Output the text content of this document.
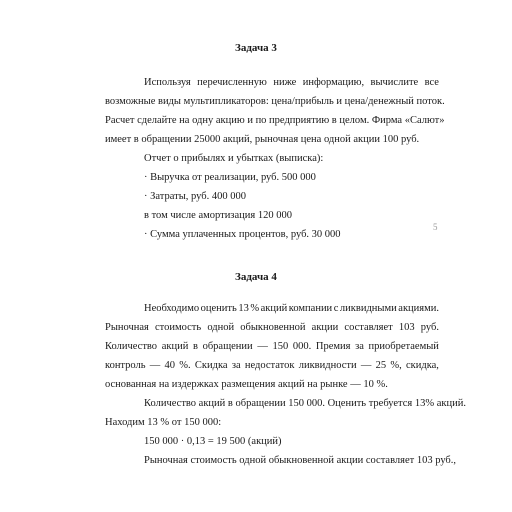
Задача 3
Используя перечисленную ниже информацию, вычислите все
возможные виды мультипликаторов: цена/прибыль и цена/денежный поток.
Расчет сделайте на одну акцию и по предприятию в целом. Фирма «Салют»
имеет в обращении 25000 акций, рыночная цена одной акции 100 руб.
Отчет о прибылях и убытках (выписка):
· Выручка от реализации, руб. 500 000
· Затраты, руб. 400 000
в том числе амортизация 120 000
· Сумма уплаченных процентов, руб. 30 000
5
Задача 4
Необходимо оценить 13 % акций компании с ликвидными акциями.
Рыночная стоимость одной обыкновенной акции составляет 103 руб.
Количество акций в обращении — 150 000. Премия за приобретаемый
контроль — 40 %. Скидка за недостаток ликвидности — 25 %, скидка,
основанная на издержках размещения акций на рынке — 10 %.
Количество акций в обращении 150 000. Оценить требуется 13% акций.
Находим 13 % от 150 000:
150 000 · 0,13 = 19 500 (акций)
Рыночная стоимость одной обыкновенной акции составляет 103 руб.,
